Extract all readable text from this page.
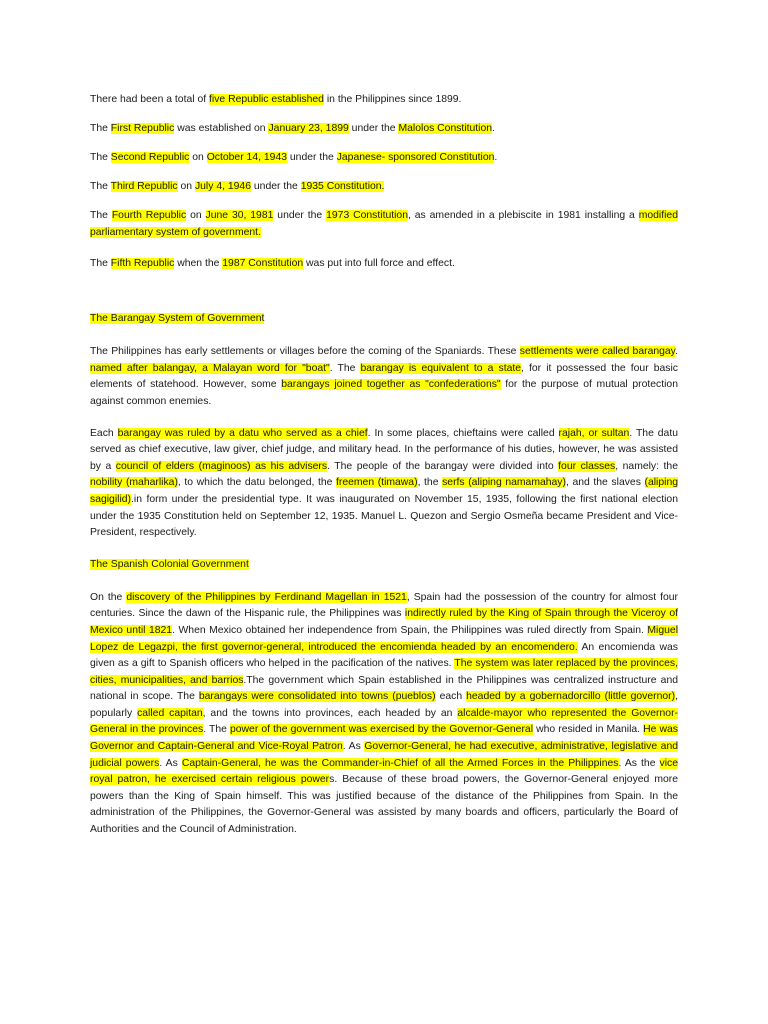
There had been a total of five Republic established in the Philippines since 1899.

The First Republic was established on January 23, 1899 under the Malolos Constitution.

The Second Republic on October 14, 1943 under the Japanese- sponsored Constitution.

The Third Republic on July 4, 1946 under the 1935 Constitution.

The Fourth Republic on June 30, 1981 under the 1973 Constitution, as amended in a plebiscite in 1981 installing a modified parliamentary system of government.

The Fifth Republic when the 1987 Constitution was put into full force and effect.

The Barangay System of Government

The Philippines has early settlements or villages before the coming of the Spaniards. These settlements were called barangay. named after balangay, a Malayan word for "boat". The barangay is equivalent to a state, for it possessed the four basic elements of statehood. However, some barangays joined together as "confederations" for the purpose of mutual protection against common enemies.

Each barangay was ruled by a datu who served as a chief. In some places, chieftains were called rajah, or sultan. The datu served as chief executive, law giver, chief judge, and military head. In the performance of his duties, however, he was assisted by a council of elders (maginoos) as his advisers. The people of the barangay were divided into four classes, namely: the nobility (maharlika), to which the datu belonged, the freemen (timawa), the serfs (aliping namamahay), and the slaves (aliping sagigilid).in form under the presidential type. It was inaugurated on November 15, 1935, following the first national election under the 1935 Constitution held on September 12, 1935. Manuel L. Quezon and Sergio Osmeña became President and Vice-President, respectively.

The Spanish Colonial Government

On the discovery of the Philippines by Ferdinand Magellan in 1521, Spain had the possession of the country for almost four centuries. Since the dawn of the Hispanic rule, the Philippines was indirectly ruled by the King of Spain through the Viceroy of Mexico until 1821. When Mexico obtained her independence from Spain, the Philippines was ruled directly from Spain. Miguel Lopez de Legazpi, the first governor-general, introduced the encomienda headed by an encomendero. An encomienda was given as a gift to Spanish officers who helped in the pacification of the natives. The system was later replaced by the provinces, cities, municipalities, and barrios.The government which Spain established in the Philippines was centralized instructure and national in scope. The barangays were consolidated into towns (pueblos) each headed by a gobernadorcillo (little governor), popularly called capitan, and the towns into provinces, each headed by an alcalde-mayor who represented the Governor-General in the provinces. The power of the government was exercised by the Governor-General who resided in Manila. He was Governor and Captain-General and Vice-Royal Patron. As Governor-General, he had executive, administrative, legislative and judicial powers. As Captain-General, he was the Commander-in-Chief of all the Armed Forces in the Philippines. As the vice royal patron, he exercised certain religious powers. Because of these broad powers, the Governor-General enjoyed more powers than the King of Spain himself. This was justified because of the distance of the Philippines from Spain. In the administration of the Philippines, the Governor-General was assisted by many boards and officers, particularly the Board of Authorities and the Council of Administration.
